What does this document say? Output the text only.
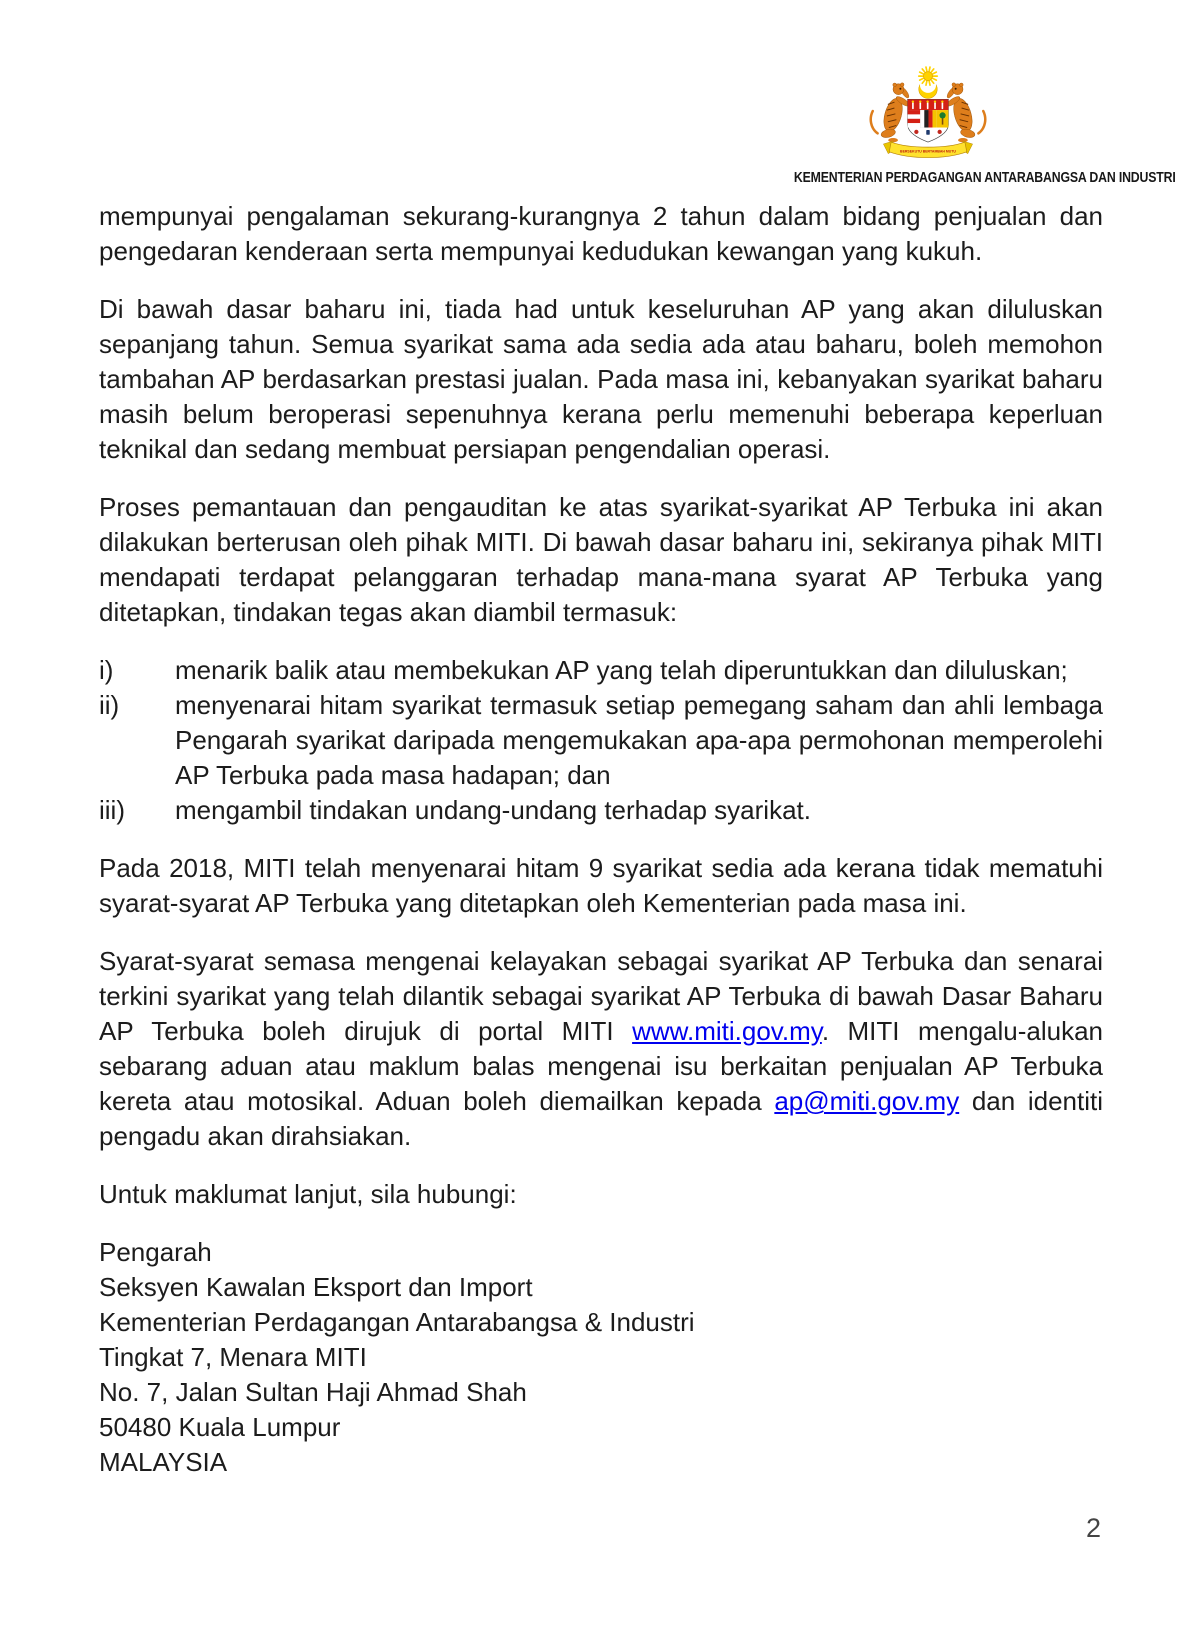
BERSEKUTU BERTAMBAH MUTU
KEMENTERIAN PERDAGANGAN ANTARABANGSA DAN INDUSTRI

mempunyai pengalaman sekurang-kurangnya 2 tahun dalam bidang penjualan dan pengedaran kenderaan serta mempunyai kedudukan kewangan yang kukuh.

Di bawah dasar baharu ini, tiada had untuk keseluruhan AP yang akan diluluskan sepanjang tahun. Semua syarikat sama ada sedia ada atau baharu, boleh memohon tambahan AP berdasarkan prestasi jualan. Pada masa ini, kebanyakan syarikat baharu masih belum beroperasi sepenuhnya kerana perlu memenuhi beberapa keperluan teknikal dan sedang membuat persiapan pengendalian operasi.

Proses pemantauan dan pengauditan ke atas syarikat-syarikat AP Terbuka ini akan dilakukan berterusan oleh pihak MITI. Di bawah dasar baharu ini, sekiranya pihak MITI mendapati terdapat pelanggaran terhadap mana-mana syarat AP Terbuka yang ditetapkan, tindakan tegas akan diambil termasuk:

i) menarik balik atau membekukan AP yang telah diperuntukkan dan diluluskan;
ii) menyenarai hitam syarikat termasuk setiap pemegang saham dan ahli lembaga Pengarah syarikat daripada mengemukakan apa-apa permohonan memperolehi AP Terbuka pada masa hadapan; dan
iii) mengambil tindakan undang-undang terhadap syarikat.

Pada 2018, MITI telah menyenarai hitam 9 syarikat sedia ada kerana tidak mematuhi syarat-syarat AP Terbuka yang ditetapkan oleh Kementerian pada masa ini.

Syarat-syarat semasa mengenai kelayakan sebagai syarikat AP Terbuka dan senarai terkini syarikat yang telah dilantik sebagai syarikat AP Terbuka di bawah Dasar Baharu AP Terbuka boleh dirujuk di portal MITI www.miti.gov.my. MITI mengalu-alukan sebarang aduan atau maklum balas mengenai isu berkaitan penjualan AP Terbuka kereta atau motosikal. Aduan boleh diemailkan kepada ap@miti.gov.my dan identiti pengadu akan dirahsiakan.

Untuk maklumat lanjut, sila hubungi:

Pengarah
Seksyen Kawalan Eksport dan Import
Kementerian Perdagangan Antarabangsa & Industri
Tingkat 7, Menara MITI
No. 7, Jalan Sultan Haji Ahmad Shah
50480 Kuala Lumpur
MALAYSIA
2
